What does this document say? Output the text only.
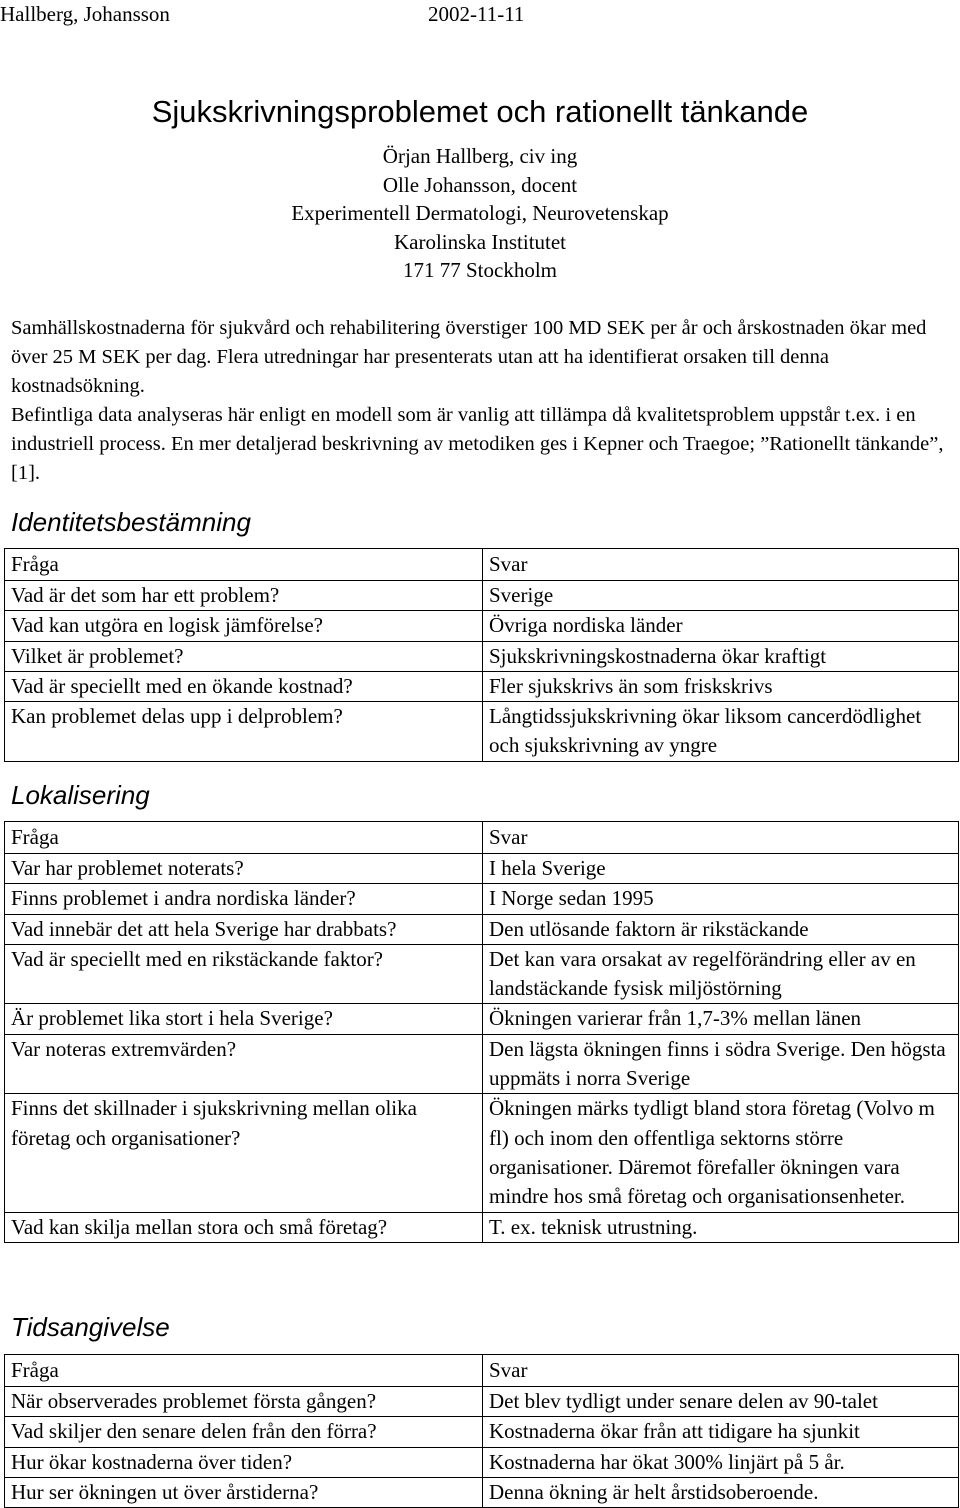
Hallberg, Johansson	2002-11-11
Sjukskrivningsproblemet och rationellt tänkande
Örjan Hallberg, civ ing
Olle Johansson, docent
Experimentell Dermatologi, Neurovetenskap
Karolinska Institutet
171 77 Stockholm

Samhällskostnaderna för sjukvård och rehabilitering överstiger 100 MD SEK per år och årskostnaden ökar med över 25 M SEK per dag. Flera utredningar har presenterats utan att ha identifierat orsaken till denna kostnadsökning.

Befintliga data analyseras här enligt en modell som är vanlig att tillämpa då kvalitetsproblem uppstår t.ex. i en industriell process. En mer detaljerad beskrivning av metodiken ges i Kepner och Traegoe; ”Rationellt tänkande”, [1].

Identitetsbestämning
Fråga	Svar
Vad är det som har ett problem?	Sverige
Vad kan utgöra en logisk jämförelse?	Övriga nordiska länder
Vilket är problemet?	Sjukskrivningskostnaderna ökar kraftigt
Vad är speciellt med en ökande kostnad?	Fler sjukskrivs än som friskskrivs
Kan problemet delas upp i delproblem?	Långtidssjukskrivning ökar liksom cancerdödlighet och sjukskrivning av yngre
Lokalisering
Fråga	Svar
Var har problemet noterats?	I hela Sverige
Finns problemet i andra nordiska länder?	I Norge sedan 1995
Vad innebär det att hela Sverige har drabbats?	Den utlösande faktorn är rikstäckande
Vad är speciellt med en rikstäckande faktor?	Det kan vara orsakat av regelförändring eller av en landstäckande fysisk miljöstörning
Är problemet lika stort i hela Sverige?	Ökningen varierar från 1,7-3% mellan länen
Var noteras extremvärden?	Den lägsta ökningen finns i södra Sverige. Den högsta uppmäts i norra Sverige
Finns det skillnader i sjukskrivning mellan olika företag och organisationer?	Ökningen märks tydligt bland stora företag (Volvo m fl) och inom den offentliga sektorns större organisationer. Däremot förefaller ökningen vara mindre hos små företag och organisationsenheter.
Vad kan skilja mellan stora och små företag?	T. ex. teknisk utrustning.
Tidsangivelse
Fråga	Svar
När observerades problemet första gången?	Det blev tydligt under senare delen av 90-talet
Vad skiljer den senare delen från den förra?	Kostnaderna ökar från att tidigare ha sjunkit
Hur ökar kostnaderna över tiden?	Kostnaderna har ökat 300% linjärt på 5 år.
Hur ser ökningen ut över årstiderna?	Denna ökning är helt årstidsoberoende.
